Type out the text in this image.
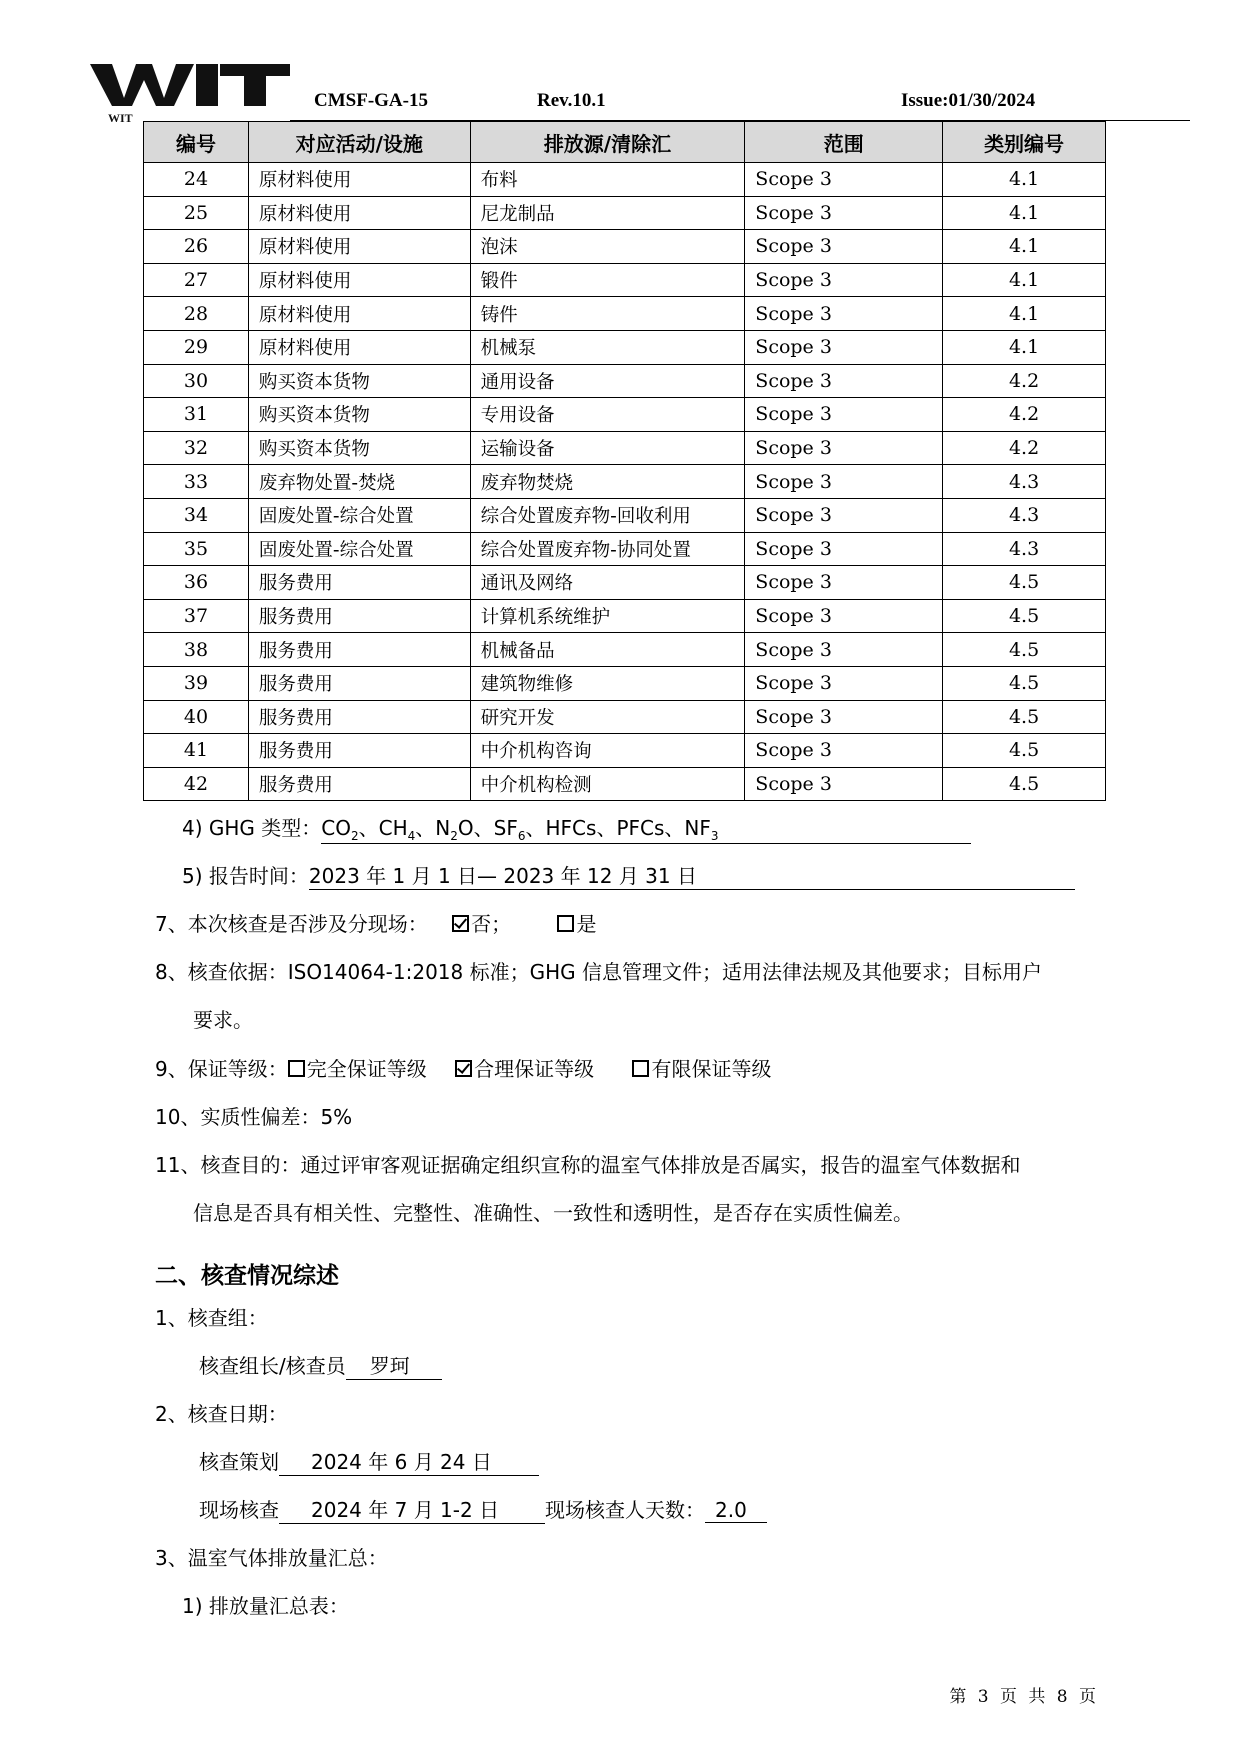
WIT
CMSF-GA-15	Rev.10.1	Issue:01/30/2024
编号	对应活动/设施	排放源/清除汇	范围	类别编号
24	原材料使用	布料	Scope 3	4.1
25	原材料使用	尼龙制品	Scope 3	4.1
26	原材料使用	泡沫	Scope 3	4.1
27	原材料使用	锻件	Scope 3	4.1
28	原材料使用	铸件	Scope 3	4.1
29	原材料使用	机械泵	Scope 3	4.1
30	购买资本货物	通用设备	Scope 3	4.2
31	购买资本货物	专用设备	Scope 3	4.2
32	购买资本货物	运输设备	Scope 3	4.2
33	废弃物处置-焚烧	废弃物焚烧	Scope 3	4.3
34	固废处置-综合处置	综合处置废弃物-回收利用	Scope 3	4.3
35	固废处置-综合处置	综合处置废弃物-协同处置	Scope 3	4.3
36	服务费用	通讯及网络	Scope 3	4.5
37	服务费用	计算机系统维护	Scope 3	4.5
38	服务费用	机械备品	Scope 3	4.5
39	服务费用	建筑物维修	Scope 3	4.5
40	服务费用	研究开发	Scope 3	4.5
41	服务费用	中介机构咨询	Scope 3	4.5
42	服务费用	中介机构检测	Scope 3	4.5
4) GHG 类型：$CO_2$、$CH_4$、$N_2O$、$SF_6$、HFCs、PFCs、$NF_3$
5) 报告时间：2023 年 1 月 1 日— 2023 年 12 月 31 日
7、本次核查是否涉及分现场： 否；	是
8、核查依据：ISO14064-1:2018 标准；GHG 信息管理文件；适用法律法规及其他要求；目标用户
要求。
9、保证等级： 完全保证等级 合理保证等级	有限保证等级
10、实质性偏差：5%
11、核查目的：通过评审客观证据确定组织宣称的温室气体排放是否属实，报告的温室气体数据和
信息是否具有相关性、完整性、准确性、一致性和透明性，是否存在实质性偏差。
二、核查情况综述
1、核查组：
核查组长/核查员 罗珂
2、核查日期：
核查策划 2024 年 6 月 24 日
现场核查 2024 年 7 月 1-2 日 现场核查人天数： 2.0
3、温室气体排放量汇总：
1) 排放量汇总表：
第 3 页 共 8 页
